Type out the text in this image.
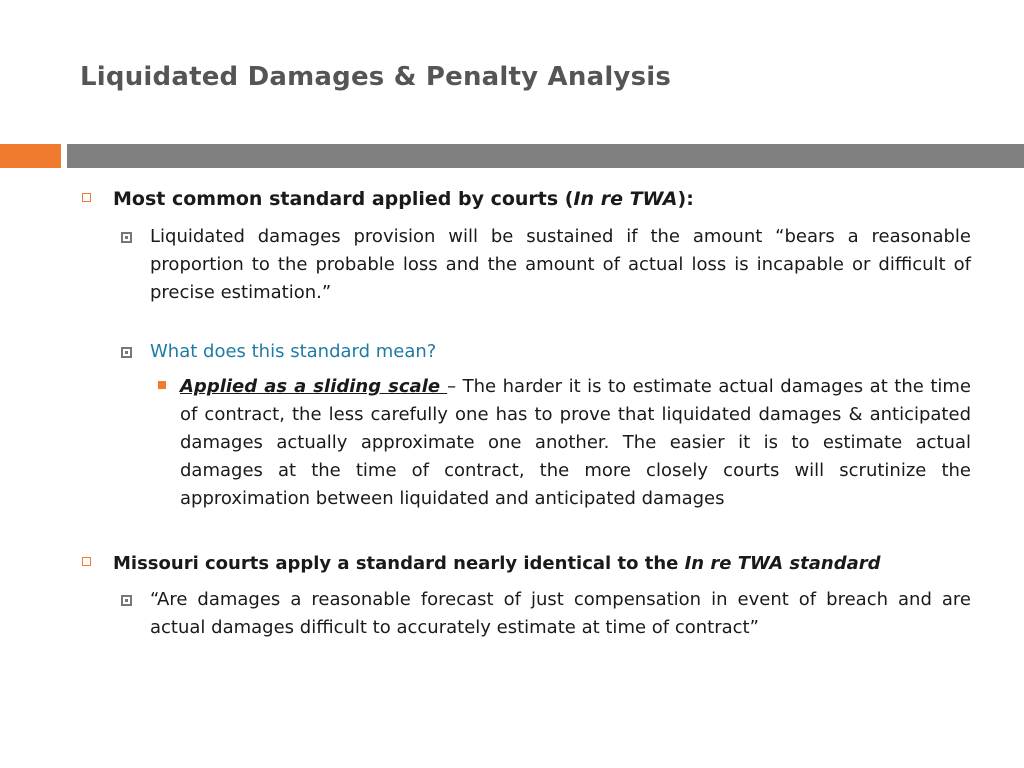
Liquidated Damages & Penalty Analysis
Most common standard applied by courts (In re TWA):
Liquidated damages provision will be sustained if the amount “bears a reasonable proportion to the probable loss and the amount of actual loss is incapable or difficult of precise estimation.”
What does this standard mean?
Applied as a sliding scale – The harder it is to estimate actual damages at the time of contract, the less carefully one has to prove that liquidated damages & anticipated damages actually approximate one another. The easier it is to estimate actual damages at the time of contract, the more closely courts will scrutinize the approximation between liquidated and anticipated damages
Missouri courts apply a standard nearly identical to the In re TWA standard
“Are damages a reasonable forecast of just compensation in event of breach and are actual damages difficult to accurately estimate at time of contract”
